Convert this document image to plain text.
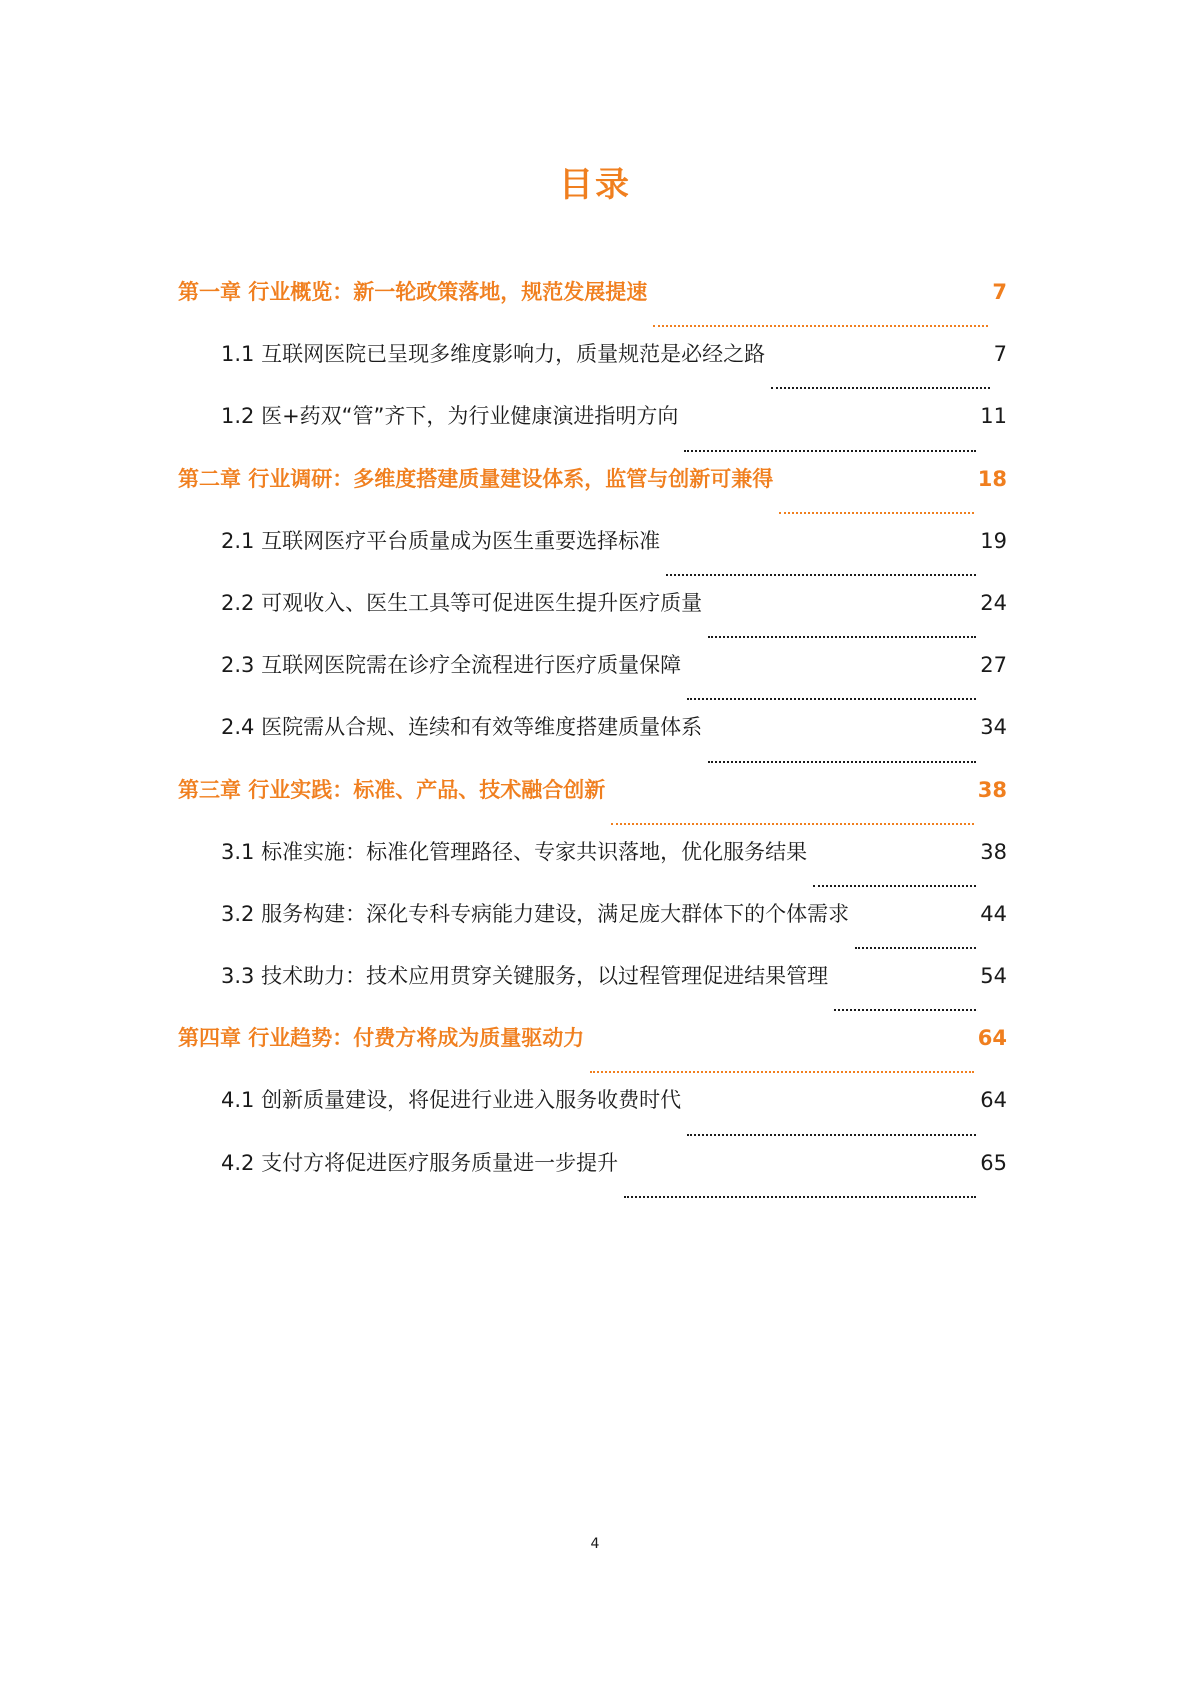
目录
第一章 行业概览：新一轮政策落地，规范发展提速	7
1.1 互联网医院已呈现多维度影响力，质量规范是必经之路	7
1.2 医+药双“管”齐下，为行业健康演进指明方向	11
第二章 行业调研：多维度搭建质量建设体系，监管与创新可兼得	18
2.1 互联网医疗平台质量成为医生重要选择标准	19
2.2 可观收入、医生工具等可促进医生提升医疗质量	24
2.3 互联网医院需在诊疗全流程进行医疗质量保障	27
2.4 医院需从合规、连续和有效等维度搭建质量体系	34
第三章 行业实践：标准、产品、技术融合创新	38
3.1 标准实施：标准化管理路径、专家共识落地，优化服务结果	38
3.2 服务构建：深化专科专病能力建设，满足庞大群体下的个体需求	44
3.3 技术助力：技术应用贯穿关键服务，以过程管理促进结果管理	54
第四章 行业趋势：付费方将成为质量驱动力	64
4.1 创新质量建设，将促进行业进入服务收费时代	64
4.2 支付方将促进医疗服务质量进一步提升	65
4
